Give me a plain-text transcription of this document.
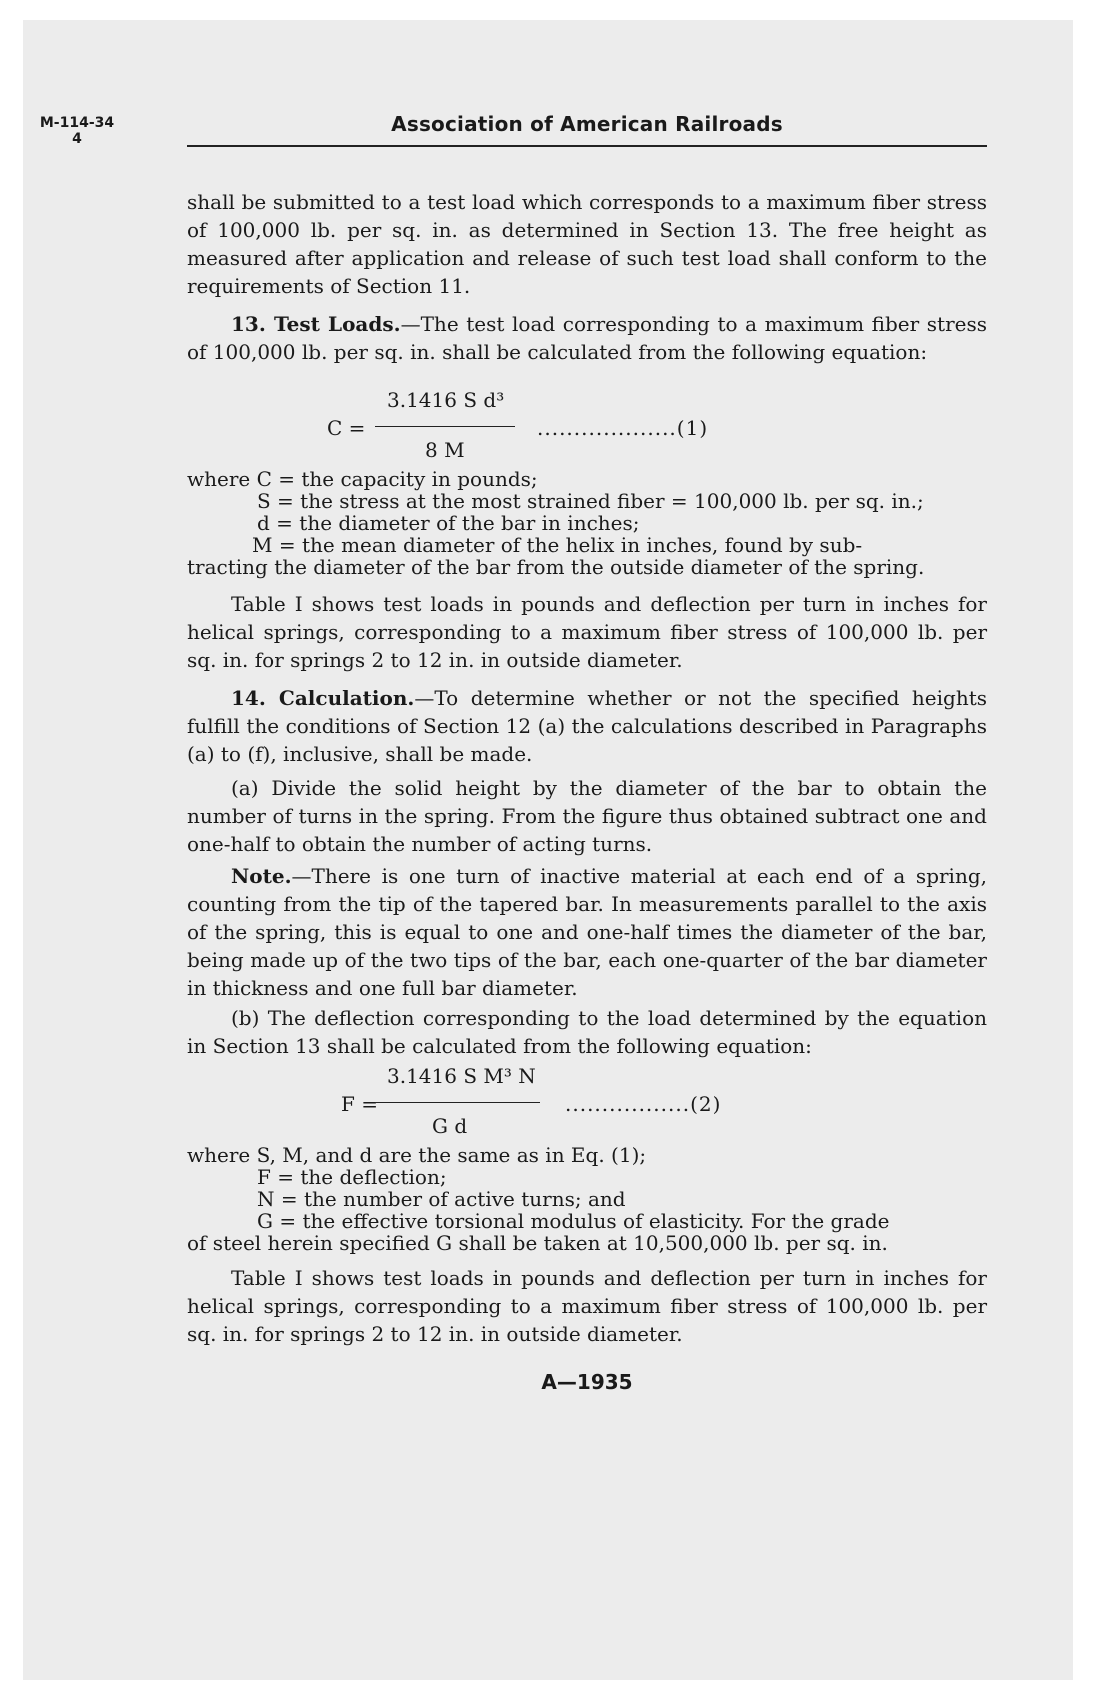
M-114-34
4
Association of American Railroads

shall be submitted to a test load which corresponds to a maximum fiber stress of 100,000 lb. per sq. in. as determined in Section 13. The free height as measured after application and release of such test load shall conform to the requirements of Section 11.

13. Test Loads.—The test load corresponding to a maximum fiber stress of 100,000 lb. per sq. in. shall be calculated from the following equation:

C =
3.1416 S d³
8 M
...................(1)
where C = the capacity in pounds;
S = the stress at the most strained fiber = 100,000 lb. per sq. in.;
d = the diameter of the bar in inches;
M = the mean diameter of the helix in inches, found by sub-
tracting the diameter of the bar from the outside diameter of the spring.

Table I shows test loads in pounds and deflection per turn in inches for helical springs, corresponding to a maximum fiber stress of 100,000 lb. per sq. in. for springs 2 to 12 in. in outside diameter.

14. Calculation.—To determine whether or not the specified heights fulfill the conditions of Section 12 (a) the calculations described in Paragraphs (a) to (f), inclusive, shall be made.

(a) Divide the solid height by the diameter of the bar to obtain the number of turns in the spring. From the figure thus obtained subtract one and one-half to obtain the number of acting turns.

Note.—There is one turn of inactive material at each end of a spring, counting from the tip of the tapered bar. In measurements parallel to the axis of the spring, this is equal to one and one-half times the diameter of the bar, being made up of the two tips of the bar, each one-quarter of the bar diameter in thickness and one full bar diameter.

(b) The deflection corresponding to the load determined by the equation in Section 13 shall be calculated from the following equation:

F =
3.1416 S M³ N
G d
.................(2)
where S, M, and d are the same as in Eq. (1);
F = the deflection;
N = the number of active turns; and
G = the effective torsional modulus of elasticity. For the grade
of steel herein specified G shall be taken at 10,500,000 lb. per sq. in.

Table I shows test loads in pounds and deflection per turn in inches for helical springs, corresponding to a maximum fiber stress of 100,000 lb. per sq. in. for springs 2 to 12 in. in outside diameter.

A—1935
